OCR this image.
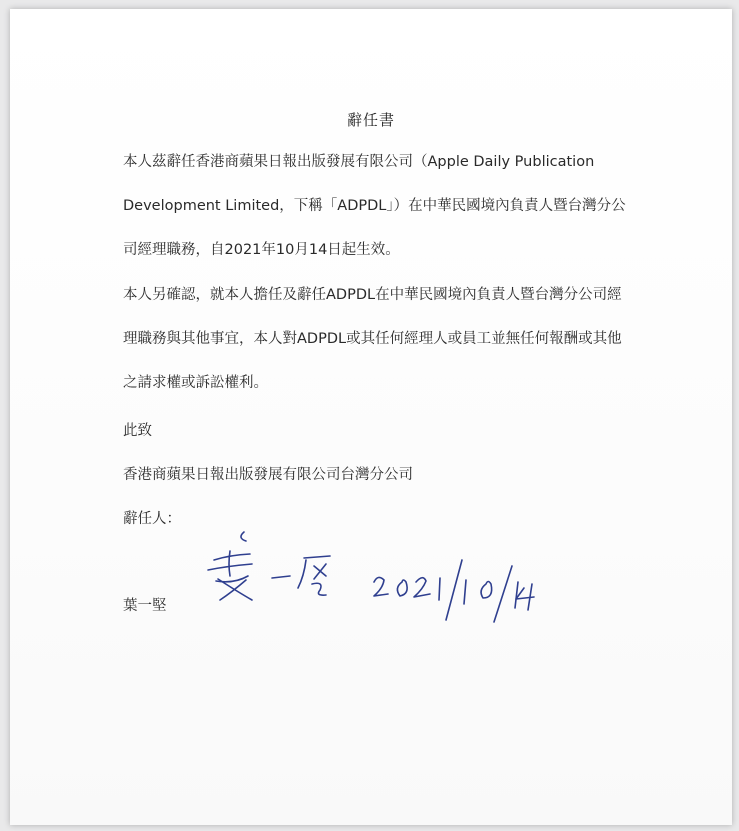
辭任書

本人茲辭任香港商蘋果日報出版發展有限公司（Apple Daily Publication
Development Limited，下稱「ADPDL」）在中華民國境內負責人暨台灣分公
司經理職務，自2021年10月14日起生效。

本人另確認，就本人擔任及辭任ADPDL在中華民國境內負責人暨台灣分公司經
理職務與其他事宜，本人對ADPDL或其任何經理人或員工並無任何報酬或其他
之請求權或訴訟權利。

此致
香港商蘋果日報出版發展有限公司台灣分公司
辭任人：
葉一堅
